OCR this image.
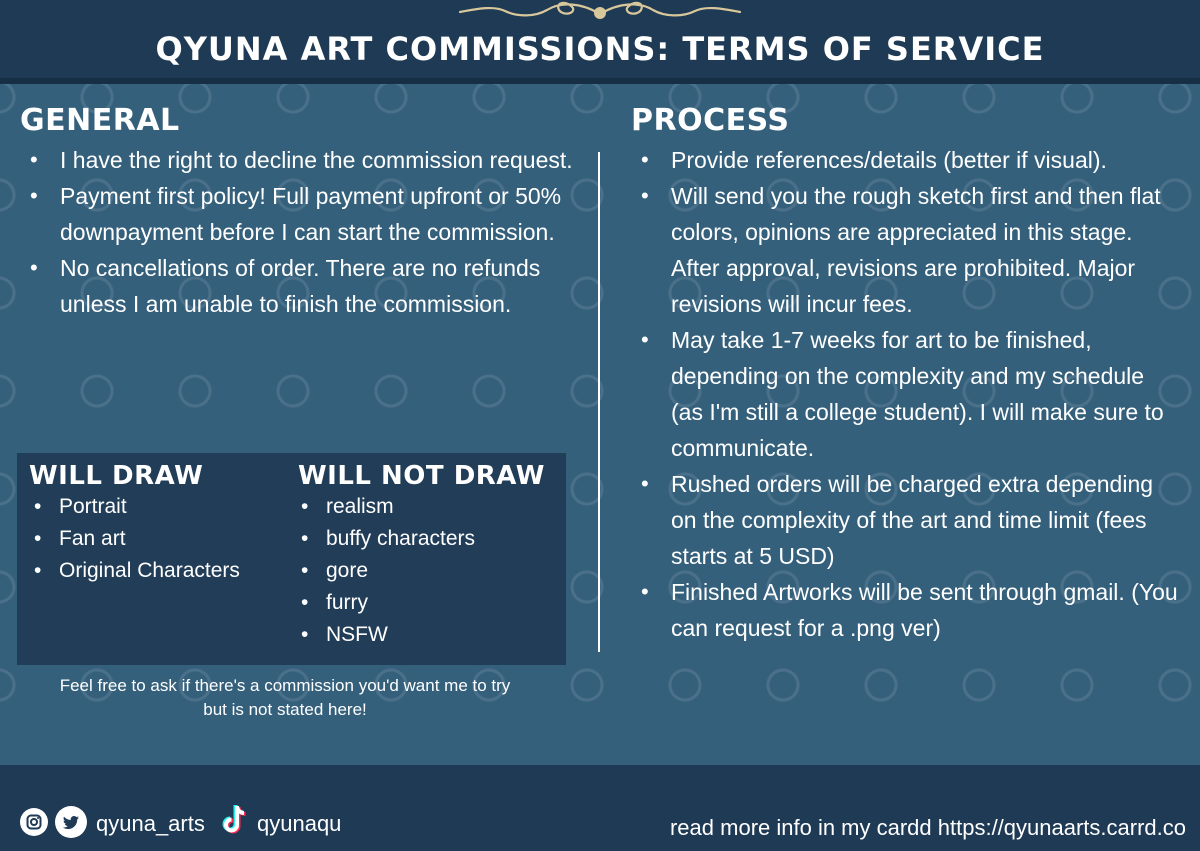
QYUNA ART COMMISSIONS: TERMS OF SERVICE
GENERAL
• I have the right to decline the commission request.
• Payment first policy! Full payment upfront or 50% downpayment before I can start the commission.
• No cancellations of order. There are no refunds unless I am unable to finish the commission.
WILL DRAW
• Portrait
• Fan art
• Original Characters
WILL NOT DRAW
• realism
• buffy characters
• gore
• furry
• NSFW
Feel free to ask if there's a commission you'd want me to try but is not stated here!
PROCESS
• Provide references/details (better if visual).
• Will send you the rough sketch first and then flat colors, opinions are appreciated in this stage. After approval, revisions are prohibited. Major revisions will incur fees.
• May take 1-7 weeks for art to be finished, depending on the complexity and my schedule (as I'm still a college student). I will make sure to communicate.
• Rushed orders will be charged extra depending on the complexity of the art and time limit (fees starts at 5 USD)
• Finished Artworks will be sent through gmail. (You can request for a .png ver)
qyuna_arts qyunaqu	read more info in my cardd https://qyunaarts.carrd.co
